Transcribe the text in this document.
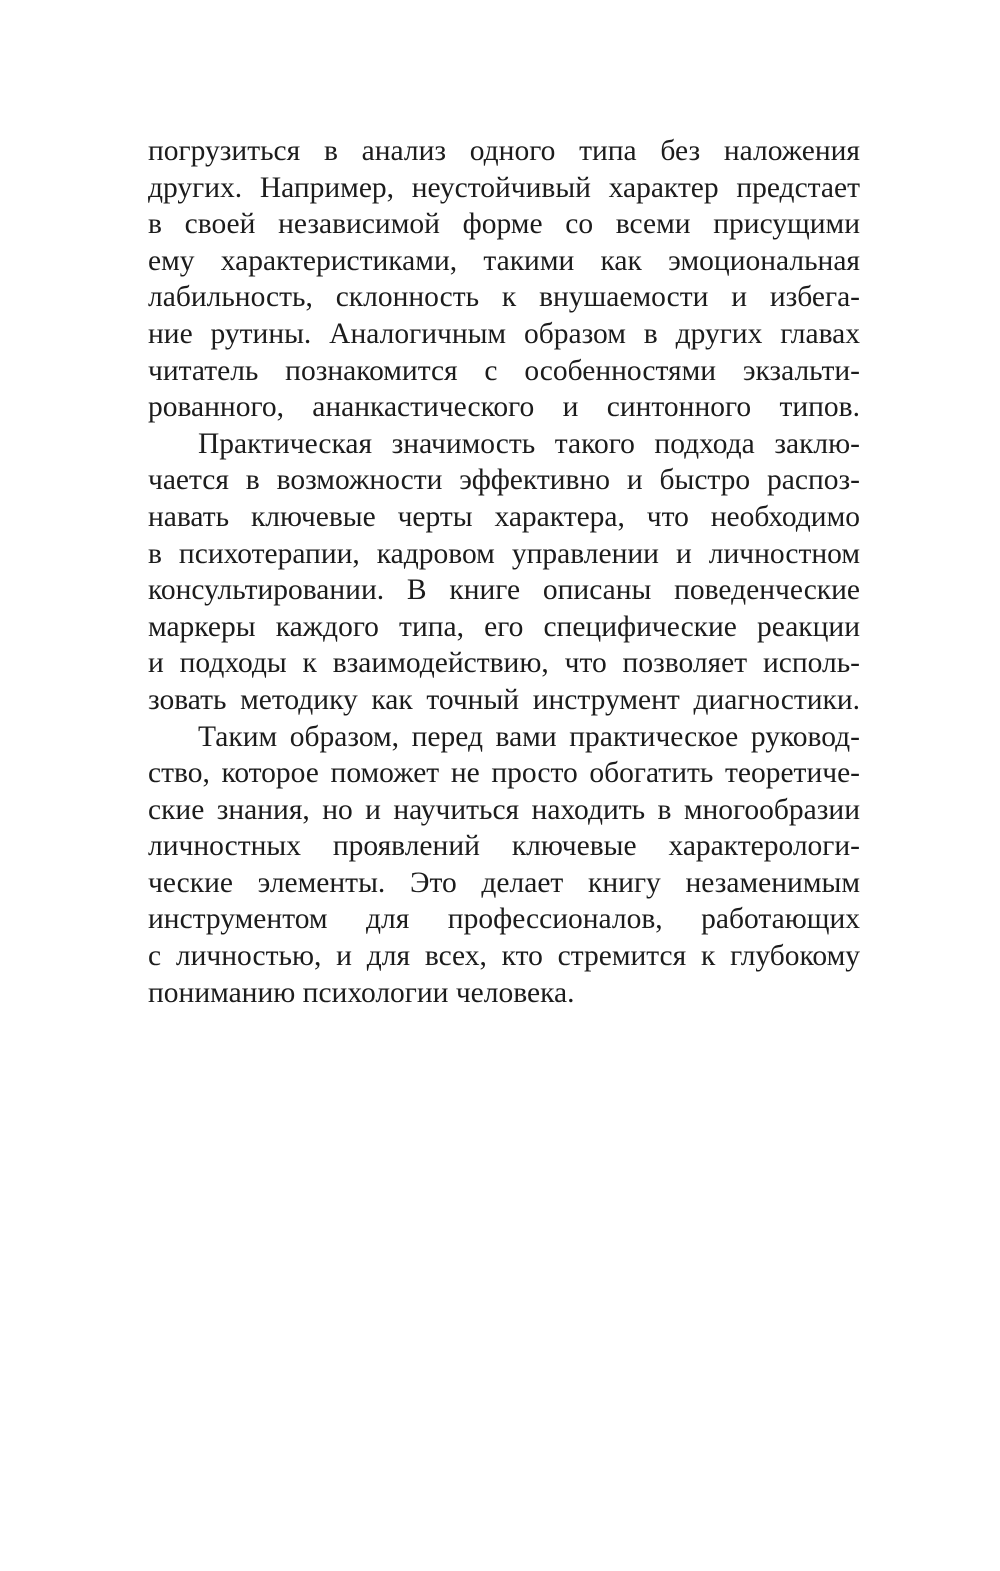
погрузиться в анализ одного типа без наложения
других. Например, неустойчивый характер предстает
в своей независимой форме со всеми присущими
ему характеристиками, такими как эмоциональная
лабильность, склонность к внушаемости и избега-
ние рутины. Аналогичным образом в других главах
читатель познакомится с особенностями экзальти-
рованного, ананкастического и синтонного типов.
Практическая значимость такого подхода заклю-
чается в возможности эффективно и быстро распоз-
навать ключевые черты характера, что необходимо
в психотерапии, кадровом управлении и личностном
консультировании. В книге описаны поведенческие
маркеры каждого типа, его специфические реакции
и подходы к взаимодействию, что позволяет исполь-
зовать методику как точный инструмент диагностики.
Таким образом, перед вами практическое руковод-
ство, которое поможет не просто обогатить теоретиче-
ские знания, но и научиться находить в многообразии
личностных проявлений ключевые характерологи-
ческие элементы. Это делает книгу незаменимым
инструментом для профессионалов, работающих
с личностью, и для всех, кто стремится к глубокому
пониманию психологии человека.
